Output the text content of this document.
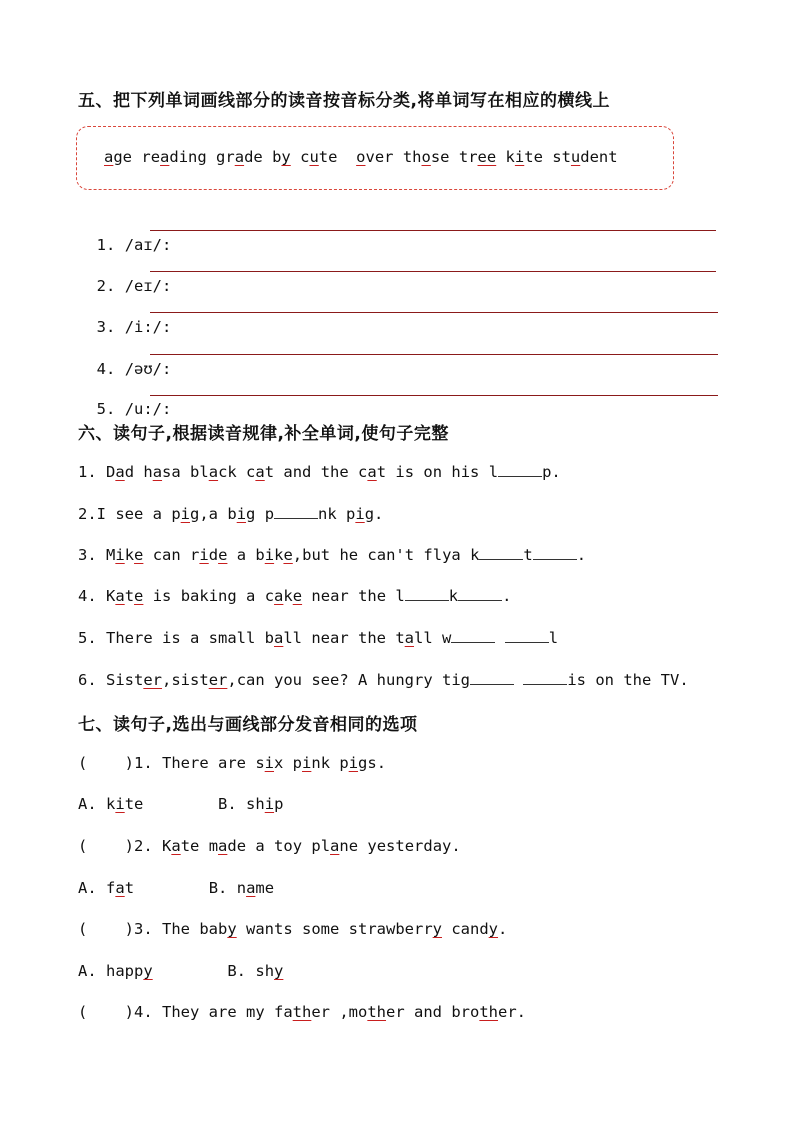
五、把下列单词画线部分的读音按音标分类,将单词写在相应的横线上
age reading grade by cute over those tree kite student

1. /aɪ/:

2. /eɪ/:

3. /i:/:

4. /əʊ/:

5. /u:/:

六、读句子,根据读音规律,补全单词,使句子完整
1. Dad hasa black cat and the cat is on his l	p.
2.I see a pig,a big p	nk pig.
3. Mike can ride a bike,but he can't flya k	t	.
4. Kate is baking a cake near the l	k	.
5. There is a small ball near the tall w	l
6. Sister,sister,can you see? A hungry tig	is on the TV.
七、读句子,选出与画线部分发音相同的选项
(    )1. There are six pink pigs.
A. kite	B. ship
(    )2. Kate made a toy plane yesterday.
A. fat	B. name
(    )3. The baby wants some strawberry candy.
A. happy	B. shy
(    )4. They are my father ,mother and brother.
